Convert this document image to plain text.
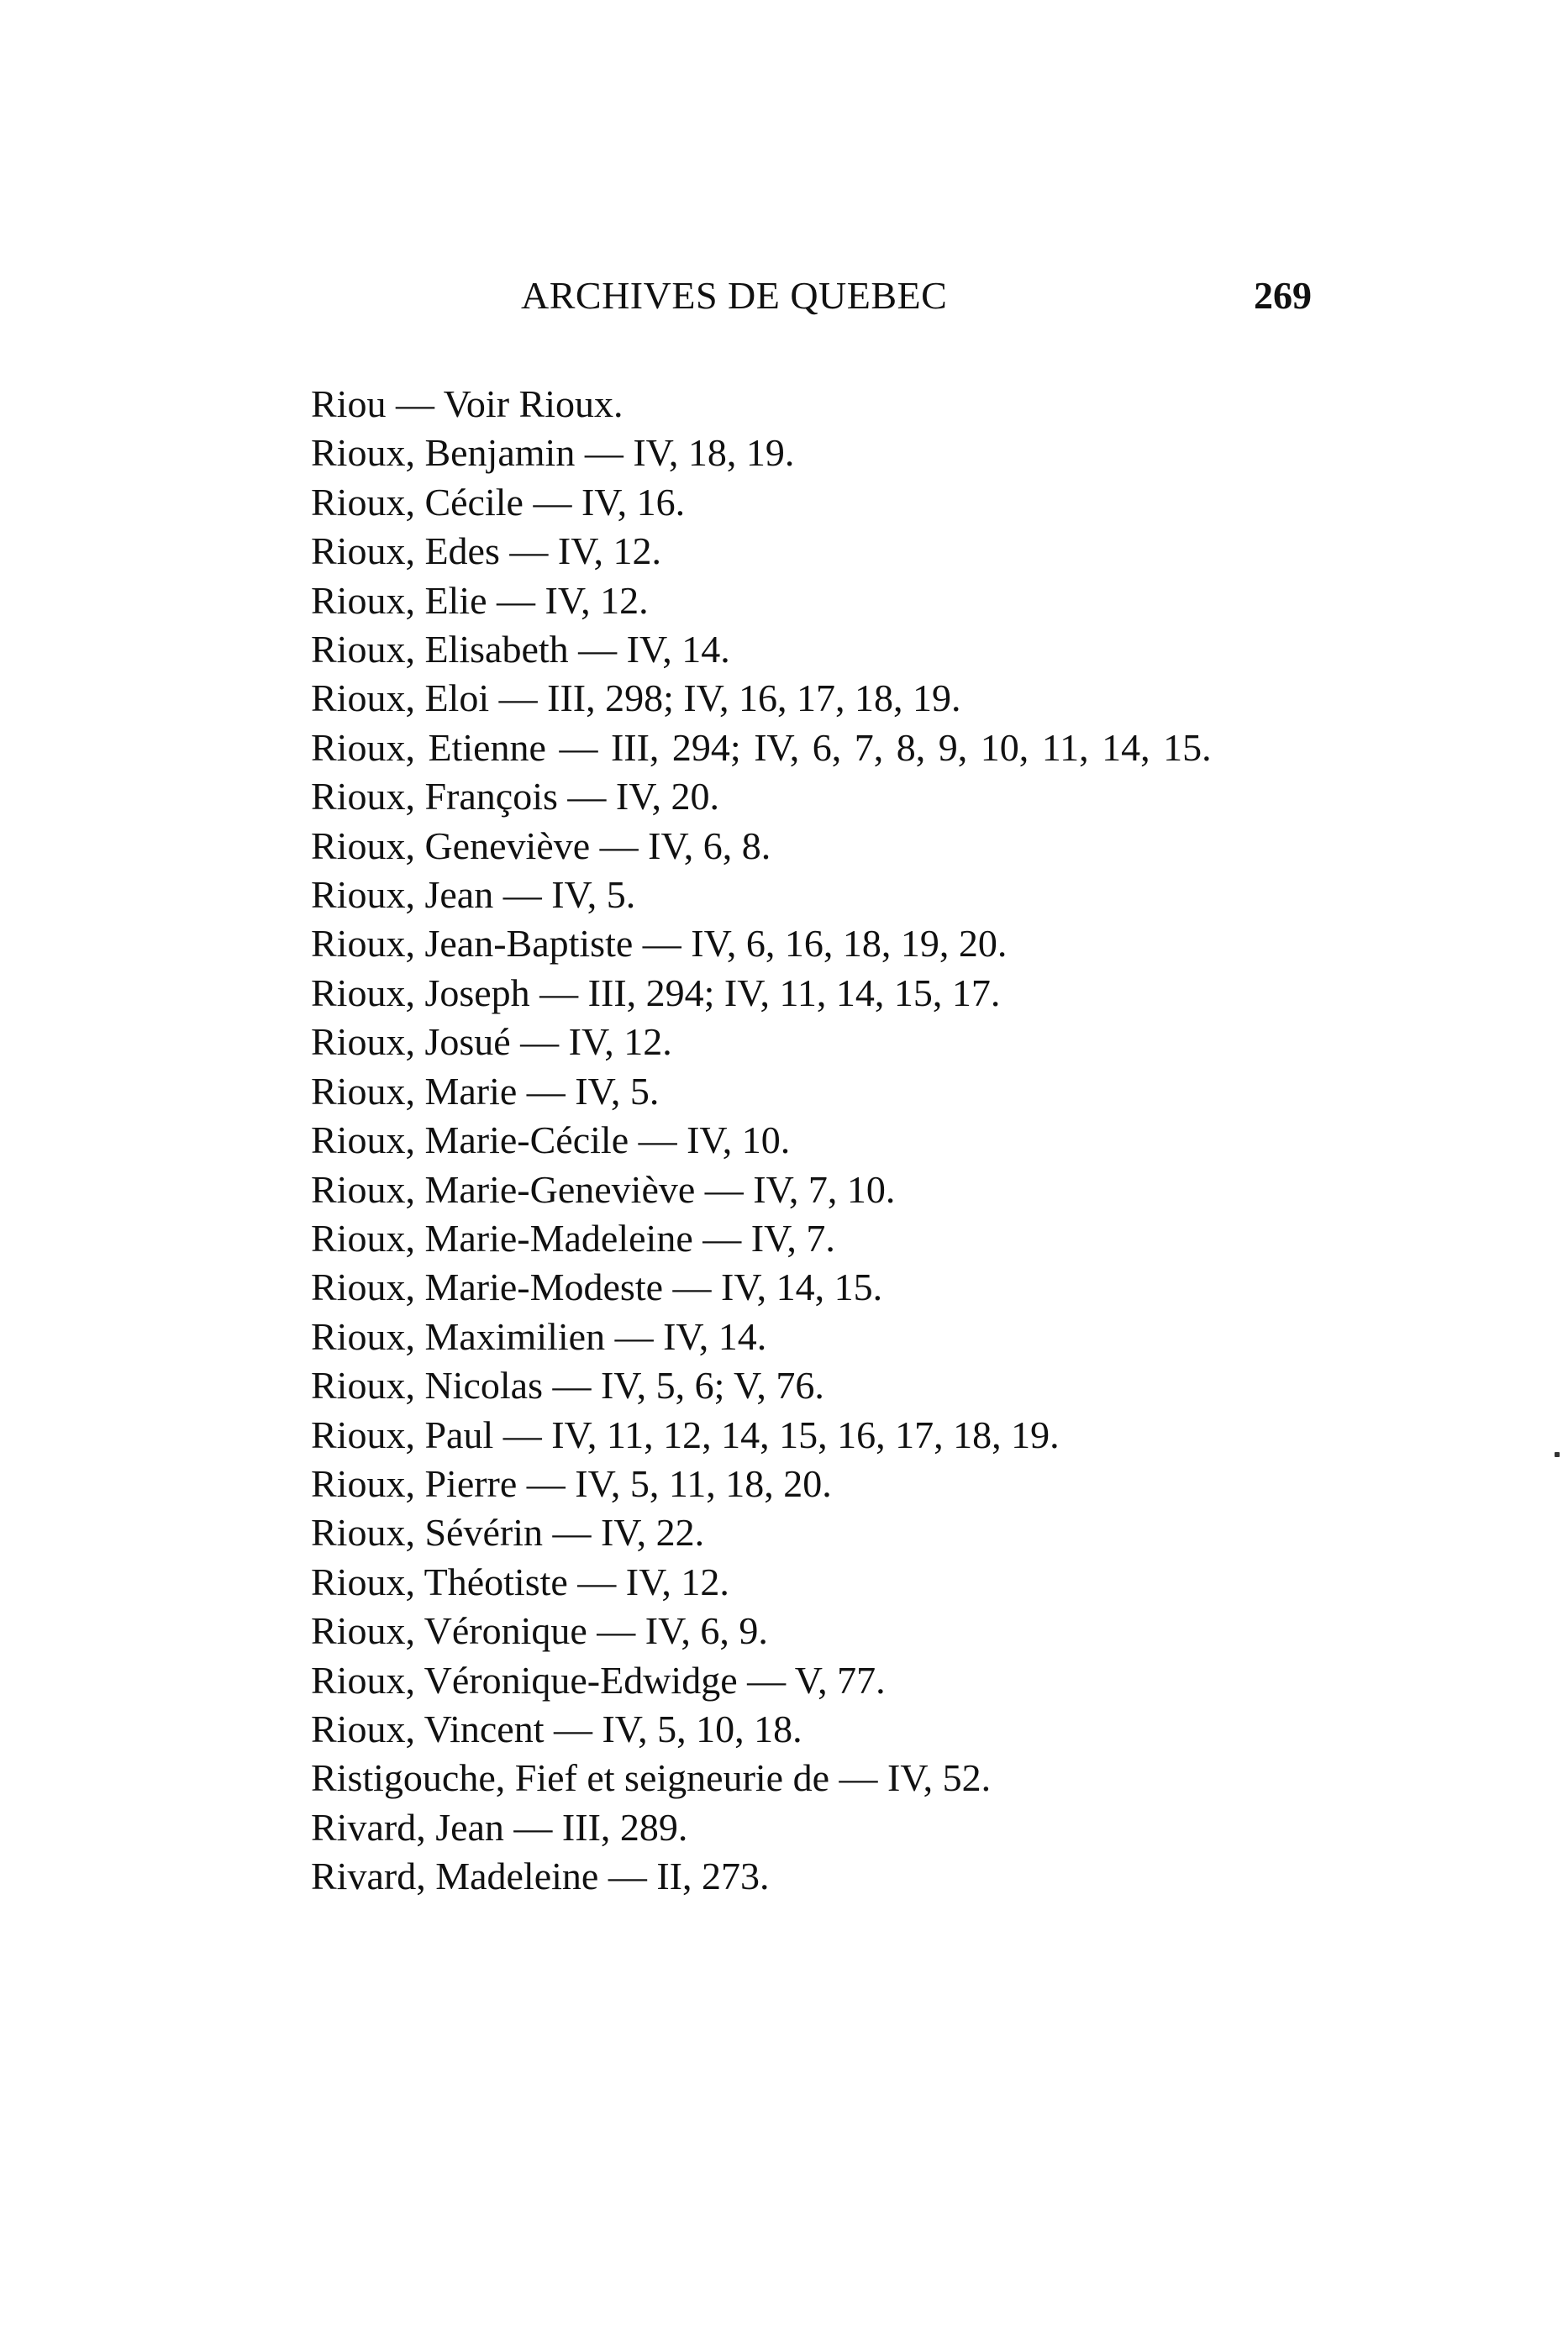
ARCHIVES DE QUEBEC	269
Riou — Voir Rioux.
Rioux, Benjamin — IV, 18, 19.
Rioux, Cécile — IV, 16.
Rioux, Edes — IV, 12.
Rioux, Elie — IV, 12.
Rioux, Elisabeth — IV, 14.
Rioux, Eloi — III, 298; IV, 16, 17, 18, 19.
Rioux, Etienne — III, 294; IV, 6, 7, 8, 9, 10, 11, 14, 15.
Rioux, François — IV, 20.
Rioux, Geneviève — IV, 6, 8.
Rioux, Jean — IV, 5.
Rioux, Jean-Baptiste — IV, 6, 16, 18, 19, 20.
Rioux, Joseph — III, 294; IV, 11, 14, 15, 17.
Rioux, Josué — IV, 12.
Rioux, Marie — IV, 5.
Rioux, Marie-Cécile — IV, 10.
Rioux, Marie-Geneviève — IV, 7, 10.
Rioux, Marie-Madeleine — IV, 7.
Rioux, Marie-Modeste — IV, 14, 15.
Rioux, Maximilien — IV, 14.
Rioux, Nicolas — IV, 5, 6; V, 76.
Rioux, Paul — IV, 11, 12, 14, 15, 16, 17, 18, 19.
Rioux, Pierre — IV, 5, 11, 18, 20.
Rioux, Sévérin — IV, 22.
Rioux, Théotiste — IV, 12.
Rioux, Véronique — IV, 6, 9.
Rioux, Véronique-Edwidge — V, 77.
Rioux, Vincent — IV, 5, 10, 18.
Ristigouche, Fief et seigneurie de — IV, 52.
Rivard, Jean — III, 289.
Rivard, Madeleine — II, 273.
